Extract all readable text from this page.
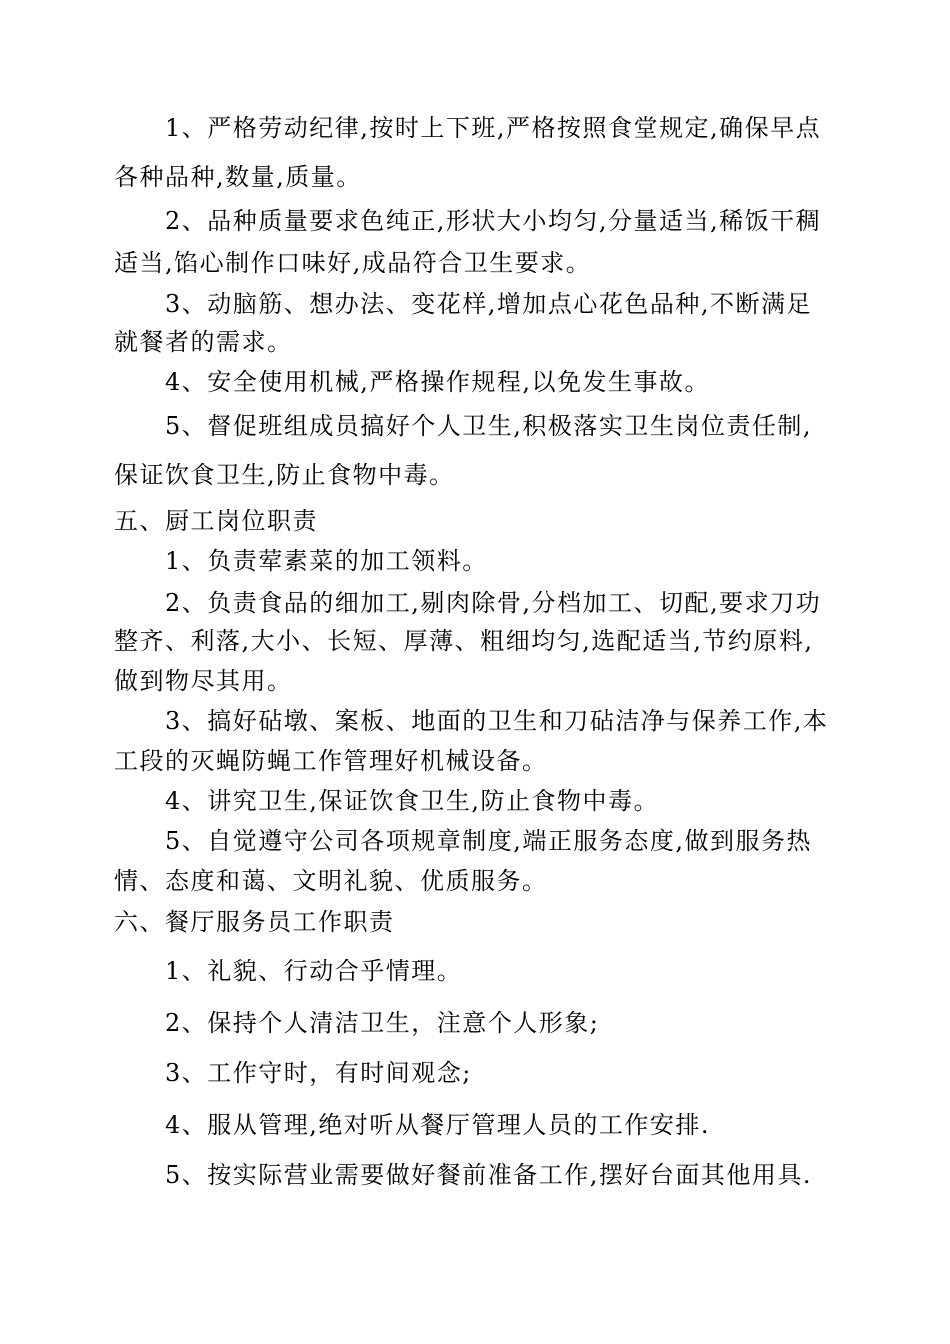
1、严格劳动纪律,按时上下班,严格按照食堂规定,确保早点
各种品种,数量,质量。
2、品种质量要求色纯正,形状大小均匀,分量适当,稀饭干稠
适当,馅心制作口味好,成品符合卫生要求。
3、动脑筋、想办法、变花样,增加点心花色品种,不断满足
就餐者的需求。
4、安全使用机械,严格操作规程,以免发生事故。
5、督促班组成员搞好个人卫生,积极落实卫生岗位责任制,
保证饮食卫生,防止食物中毒。
五、厨工岗位职责
1、负责荤素菜的加工领料。
2、负责食品的细加工,剔肉除骨,分档加工、切配,要求刀功
整齐、利落,大小、长短、厚薄、粗细均匀,选配适当,节约原料,
做到物尽其用。
3、搞好砧墩、案板、地面的卫生和刀砧洁净与保养工作,本
工段的灭蝇防蝇工作管理好机械设备。
4、讲究卫生,保证饮食卫生,防止食物中毒。
5、自觉遵守公司各项规章制度,端正服务态度,做到服务热
情、态度和蔼、文明礼貌、优质服务。
六、餐厅服务员工作职责
1、礼貌、行动合乎情理。
2、保持个人清洁卫生，注意个人形象;
3、工作守时，有时间观念;
4、服从管理,绝对听从餐厅管理人员的工作安排.
5、按实际营业需要做好餐前准备工作,摆好台面其他用具.
